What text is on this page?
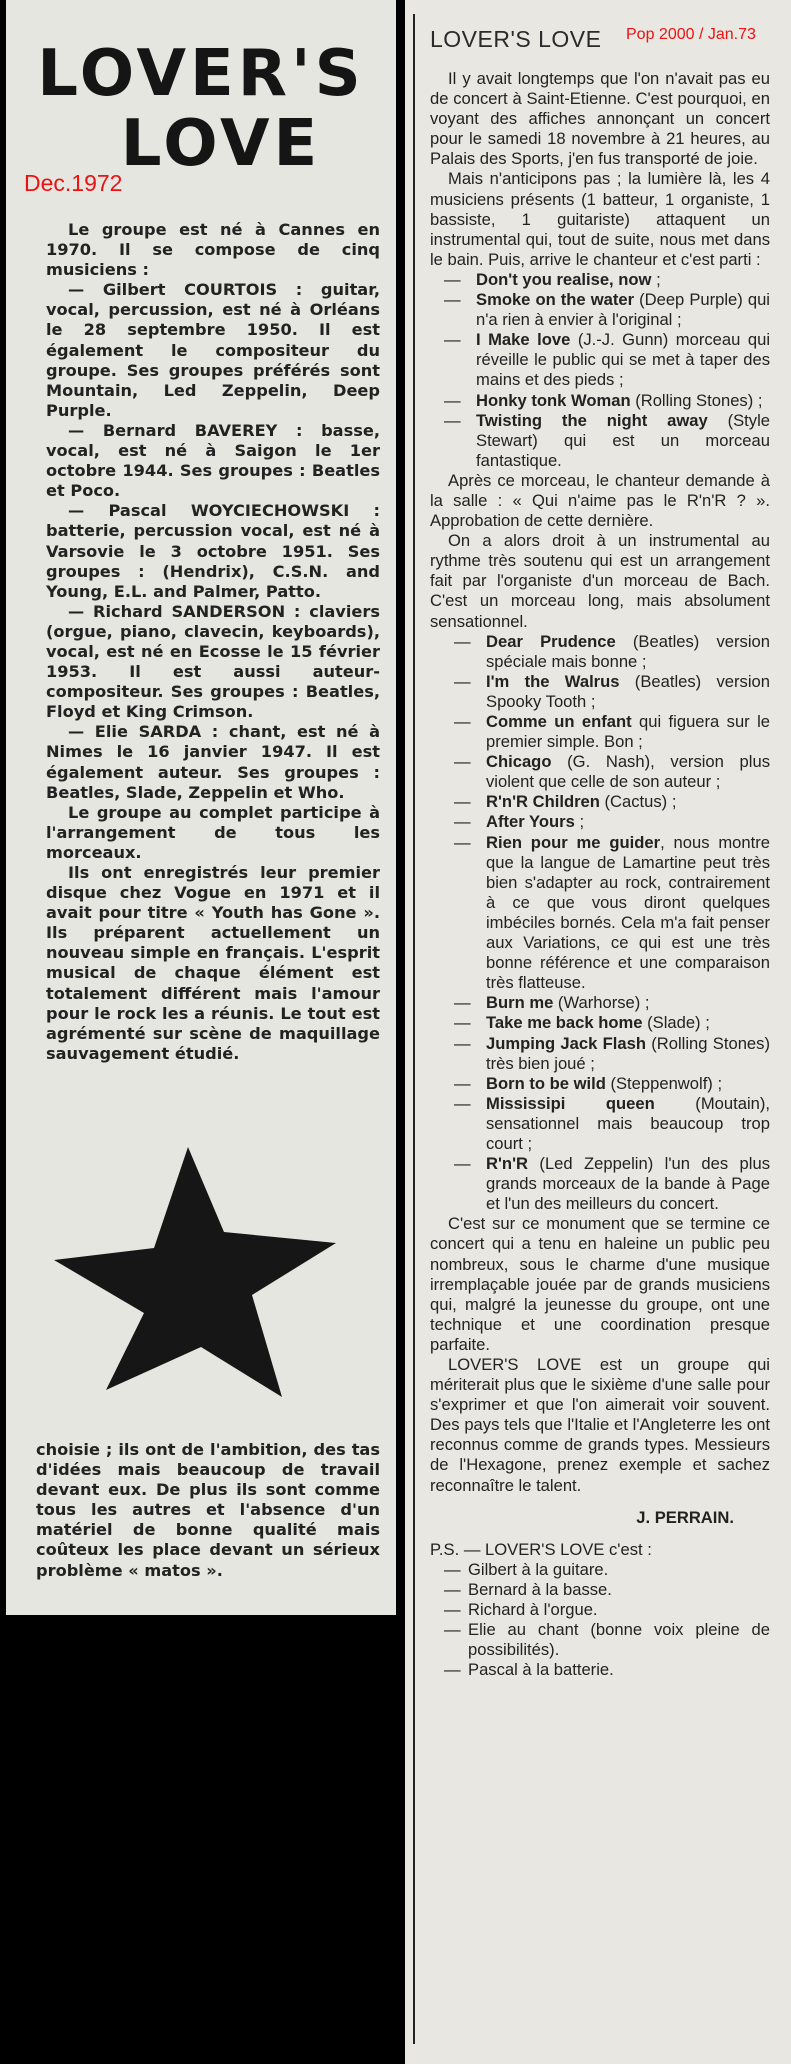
LOVER'S
LOVE
Dec.1972

Le groupe est né à Cannes en 1970. Il se compose de cinq musiciens :

— Gilbert COURTOIS : guitar, vocal, percussion, est né à Orléans le 28 septembre 1950. Il est également le compositeur du groupe. Ses groupes préférés sont Mountain, Led Zeppelin, Deep Purple.

— Bernard BAVEREY : basse, vocal, est né à Saigon le 1er octobre 1944. Ses groupes : Beatles et Poco.

— Pascal WOYCIECHOWSKI : batterie, percussion vocal, est né à Varsovie le 3 octobre 1951. Ses groupes : (Hendrix), C.S.N. and Young, E.L. and Palmer, Patto.

— Richard SANDERSON : claviers (orgue, piano, clavecin, keyboards), vocal, est né en Ecosse le 15 février 1953. Il est aussi auteur-compositeur. Ses groupes : Beatles, Floyd et King Crimson.

— Elie SARDA : chant, est né à Nimes le 16 janvier 1947. Il est également auteur. Ses groupes : Beatles, Slade, Zeppelin et Who.

Le groupe au complet participe à l'arrangement de tous les morceaux.

Ils ont enregistrés leur premier disque chez Vogue en 1971 et il avait pour titre « Youth has Gone ». Ils préparent actuellement un nouveau simple en français. L'esprit musical de chaque élément est totalement différent mais l'amour pour le rock les a réunis. Le tout est agrémenté sur scène de maquillage sauvagement étudié.

choisie ; ils ont de l'ambition, des tas d'idées mais beaucoup de travail devant eux. De plus ils sont comme tous les autres et l'absence d'un matériel de bonne qualité mais coûteux les place devant un sérieux problème « matos ».

LOVER'S LOVE Pop 2000 / Jan.73

Il y avait longtemps que l'on n'avait pas eu de concert à Saint-Etienne. C'est pourquoi, en voyant des affiches annonçant un concert pour le samedi 18 novembre à 21 heures, au Palais des Sports, j'en fus transporté de joie.

Mais n'anticipons pas ; la lumière là, les 4 musiciens présents (1 batteur, 1 organiste, 1 bassiste, 1 guitariste) attaquent un instrumental qui, tout de suite, nous met dans le bain. Puis, arrive le chanteur et c'est parti :

— Don't you realise, now ;
— Smoke on the water (Deep Purple) qui n'a rien à envier à l'original ;
— I Make love (J.-J. Gunn) morceau qui réveille le public qui se met à taper des mains et des pieds ;
— Honky tonk Woman (Rolling Stones) ;
— Twisting the night away (Style Stewart) qui est un morceau fantastique.

Après ce morceau, le chanteur demande à la salle : « Qui n'aime pas le R'n'R ? ». Approbation de cette dernière.

On a alors droit à un instrumental au rythme très soutenu qui est un arrangement fait par l'organiste d'un morceau de Bach. C'est un morceau long, mais absolument sensationnel.

— Dear Prudence (Beatles) version spéciale mais bonne ;
— I'm the Walrus (Beatles) version Spooky Tooth ;
— Comme un enfant qui figuera sur le premier simple. Bon ;
— Chicago (G. Nash), version plus violent que celle de son auteur ;
— R'n'R Children (Cactus) ;
— After Yours ;
— Rien pour me guider, nous montre que la langue de Lamartine peut très bien s'adapter au rock, contrairement à ce que vous diront quelques imbéciles bornés. Cela m'a fait penser aux Variations, ce qui est une très bonne référence et une comparaison très flatteuse.
— Burn me (Warhorse) ;
— Take me back home (Slade) ;
— Jumping Jack Flash (Rolling Stones) très bien joué ;
— Born to be wild (Steppenwolf) ;
— Mississipi queen (Moutain), sensationnel mais beaucoup trop court ;
— R'n'R (Led Zeppelin) l'un des plus grands morceaux de la bande à Page et l'un des meilleurs du concert.

C'est sur ce monument que se termine ce concert qui a tenu en haleine un public peu nombreux, sous le charme d'une musique irremplaçable jouée par de grands musiciens qui, malgré la jeunesse du groupe, ont une technique et une coordination presque parfaite.

LOVER'S LOVE est un groupe qui mériterait plus que le sixième d'une salle pour s'exprimer et que l'on aimerait voir souvent. Des pays tels que l'Italie et l'Angleterre les ont reconnus comme de grands types. Messieurs de l'Hexagone, prenez exemple et sachez reconnaître le talent.

J. PERRAIN.

P.S. — LOVER'S LOVE c'est :

— Gilbert à la guitare.
— Bernard à la basse.
— Richard à l'orgue.
— Elie au chant (bonne voix pleine de possibilités).
— Pascal à la batterie.
